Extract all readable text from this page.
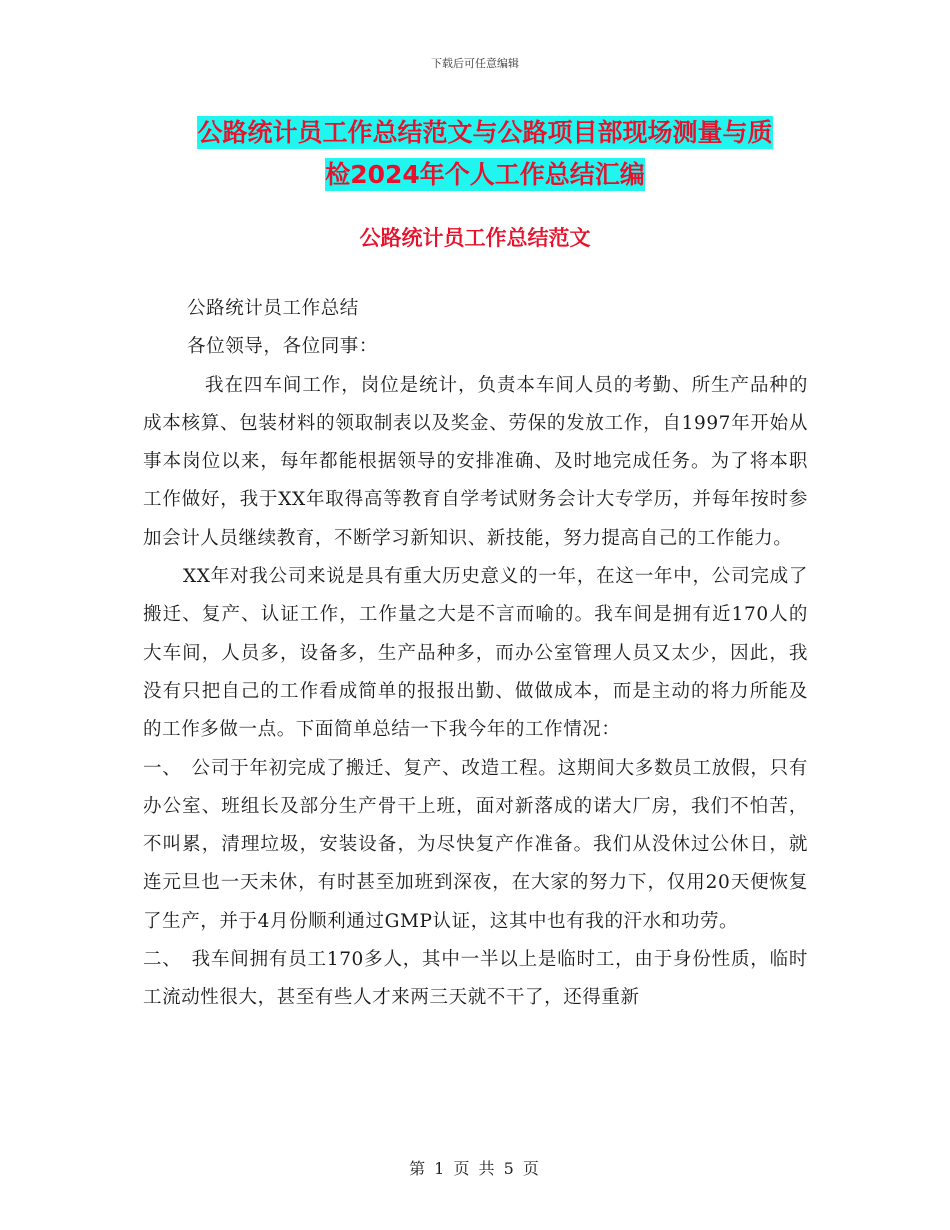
下载后可任意编辑
公路统计员工作总结范文与公路项目部现场测量与质
检2024年个人工作总结汇编
公路统计员工作总结范文

公路统计员工作总结

各位领导，各位同事：

我在四车间工作，岗位是统计，负责本车间人员的考勤、所生产品种的成本核算、包装材料的领取制表以及奖金、劳保的发放工作，自1997年开始从事本岗位以来，每年都能根据领导的安排准确、及时地完成任务。为了将本职工作做好，我于XX年取得高等教育自学考试财务会计大专学历，并每年按时参加会计人员继续教育，不断学习新知识、新技能，努力提高自己的工作能力。

XX年对我公司来说是具有重大历史意义的一年，在这一年中，公司完成了搬迁、复产、认证工作，工作量之大是不言而喻的。我车间是拥有近170人的大车间，人员多，设备多，生产品种多，而办公室管理人员又太少，因此，我没有只把自己的工作看成简单的报报出勤、做做成本，而是主动的将力所能及的工作多做一点。下面简单总结一下我今年的工作情况：

一、　公司于年初完成了搬迁、复产、改造工程。这期间大多数员工放假，只有办公室、班组长及部分生产骨干上班，面对新落成的诺大厂房，我们不怕苦，不叫累，清理垃圾，安装设备，为尽快复产作准备。我们从没休过公休日，就连元旦也一天未休，有时甚至加班到深夜，在大家的努力下，仅用20天便恢复了生产，并于4月份顺利通过GMP认证，这其中也有我的汗水和功劳。

二、　我车间拥有员工170多人，其中一半以上是临时工，由于身份性质，临时工流动性很大，甚至有些人才来两三天就不干了，还得重新

第 1 页 共 5 页
